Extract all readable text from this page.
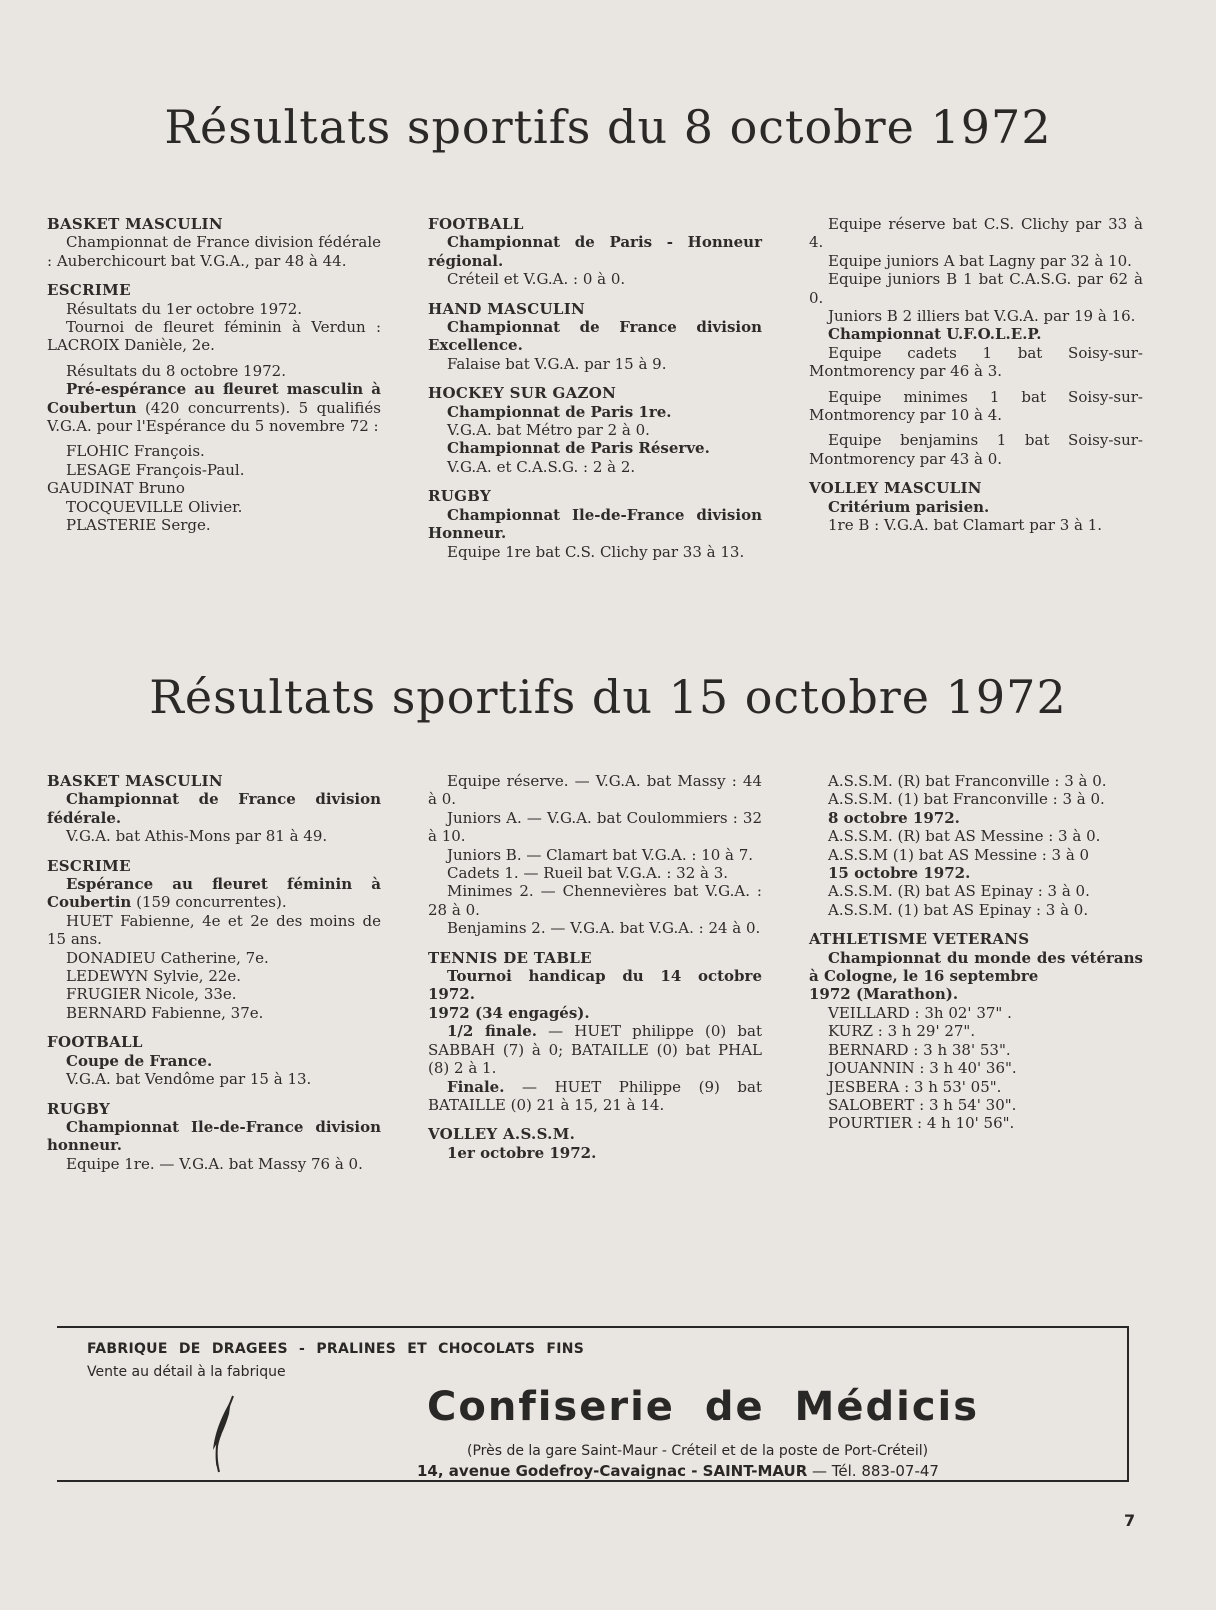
Résultats sportifs du 8 octobre 1972
BASKET MASCULIN
Championnat de France division fédérale : Auberchicourt bat V.G.A., par 48 à 44.
ESCRIME
Résultats du 1er octobre 1972.
Tournoi de fleuret féminin à Verdun : LACROIX Danièle, 2e.
Résultats du 8 octobre 1972.
Pré-espérance au fleuret masculin à Coubertun (420 concurrents). 5 qualifiés V.G.A. pour l'Espérance du 5 novembre 72 :
FLOHIC François.
LESAGE François-Paul.
GAUDINAT Bruno
TOCQUEVILLE Olivier.
PLASTERIE Serge.
FOOTBALL
Championnat de Paris - Honneur régional.
Créteil et V.G.A. : 0 à 0.
HAND MASCULIN
Championnat de France division Excellence.
Falaise bat V.G.A. par 15 à 9.
HOCKEY SUR GAZON
Championnat de Paris 1re.
V.G.A. bat Métro par 2 à 0.
Championnat de Paris Réserve.
V.G.A. et C.A.S.G. : 2 à 2.
RUGBY
Championnat Ile-de-France division Honneur.
Equipe 1re bat C.S. Clichy par 33 à 13.
Equipe réserve bat C.S. Clichy par 33 à 4.
Equipe juniors A bat Lagny par 32 à 10.
Equipe juniors B 1 bat C.A.S.G. par 62 à 0.
Juniors B 2 illiers bat V.G.A. par 19 à 16.
Championnat U.F.O.L.E.P.
Equipe cadets 1 bat Soisy-sur-Montmorency par 46 à 3.
Equipe minimes 1 bat Soisy-sur-Montmorency par 10 à 4.
Equipe benjamins 1 bat Soisy-sur-Montmorency par 43 à 0.
VOLLEY MASCULIN
Critérium parisien.
1re B : V.G.A. bat Clamart par 3 à 1.
Résultats sportifs du 15 octobre 1972
BASKET MASCULIN
Championnat de France division fédérale.
V.G.A. bat Athis-Mons par 81 à 49.
ESCRIME
Espérance au fleuret féminin à Coubertin (159 concurrentes).
HUET Fabienne, 4e et 2e des moins de 15 ans.
DONADIEU Catherine, 7e.
LEDEWYN Sylvie, 22e.
FRUGIER Nicole, 33e.
BERNARD Fabienne, 37e.
FOOTBALL
Coupe de France.
V.G.A. bat Vendôme par 15 à 13.
RUGBY
Championnat Ile-de-France division honneur.
Equipe 1re. — V.G.A. bat Massy 76 à 0.
Equipe réserve. — V.G.A. bat Massy : 44 à 0.
Juniors A. — V.G.A. bat Coulommiers : 32 à 10.
Juniors B. — Clamart bat V.G.A. : 10 à 7.
Cadets 1. — Rueil bat V.G.A. : 32 à 3.
Minimes 2. — Chennevières bat V.G.A. : 28 à 0.
Benjamins 2. — V.G.A. bat V.G.A. : 24 à 0.
TENNIS DE TABLE
Tournoi handicap du 14 octobre 1972.
1972 (34 engagés).
1/2 finale. — HUET philippe (0) bat SABBAH (7) à 0; BATAILLE (0) bat PHAL (8) 2 à 1.
Finale. — HUET Philippe (9) bat BATAILLE (0) 21 à 15, 21 à 14.
VOLLEY A.S.S.M.
1er octobre 1972.
A.S.S.M. (R) bat Franconville : 3 à 0.
A.S.S.M. (1) bat Franconville : 3 à 0.
8 octobre 1972.
A.S.S.M. (R) bat AS Messine : 3 à 0.
A.S.S.M (1) bat AS Messine : 3 à 0
15 octobre 1972.
A.S.S.M. (R) bat AS Epinay : 3 à 0.
A.S.S.M. (1) bat AS Epinay : 3 à 0.
ATHLETISME VETERANS
Championnat du monde des vétérans à Cologne, le 16 septembre
1972 (Marathon).
VEILLARD : 3h 02' 37" .
KURZ : 3 h 29' 27".
BERNARD : 3 h 38' 53".
JOUANNIN : 3 h 40' 36".
JESBERA : 3 h 53' 05".
SALOBERT : 3 h 54' 30".
POURTIER : 4 h 10' 56".
FABRIQUE DE DRAGEES - PRALINES ET CHOCOLATS FINS
Vente au détail à la fabrique
Confiserie de Médicis
(Près de la gare Saint-Maur - Créteil et de la poste de Port-Créteil)
14, avenue Godefroy-Cavaignac - SAINT-MAUR — Tél. 883-07-47
7
